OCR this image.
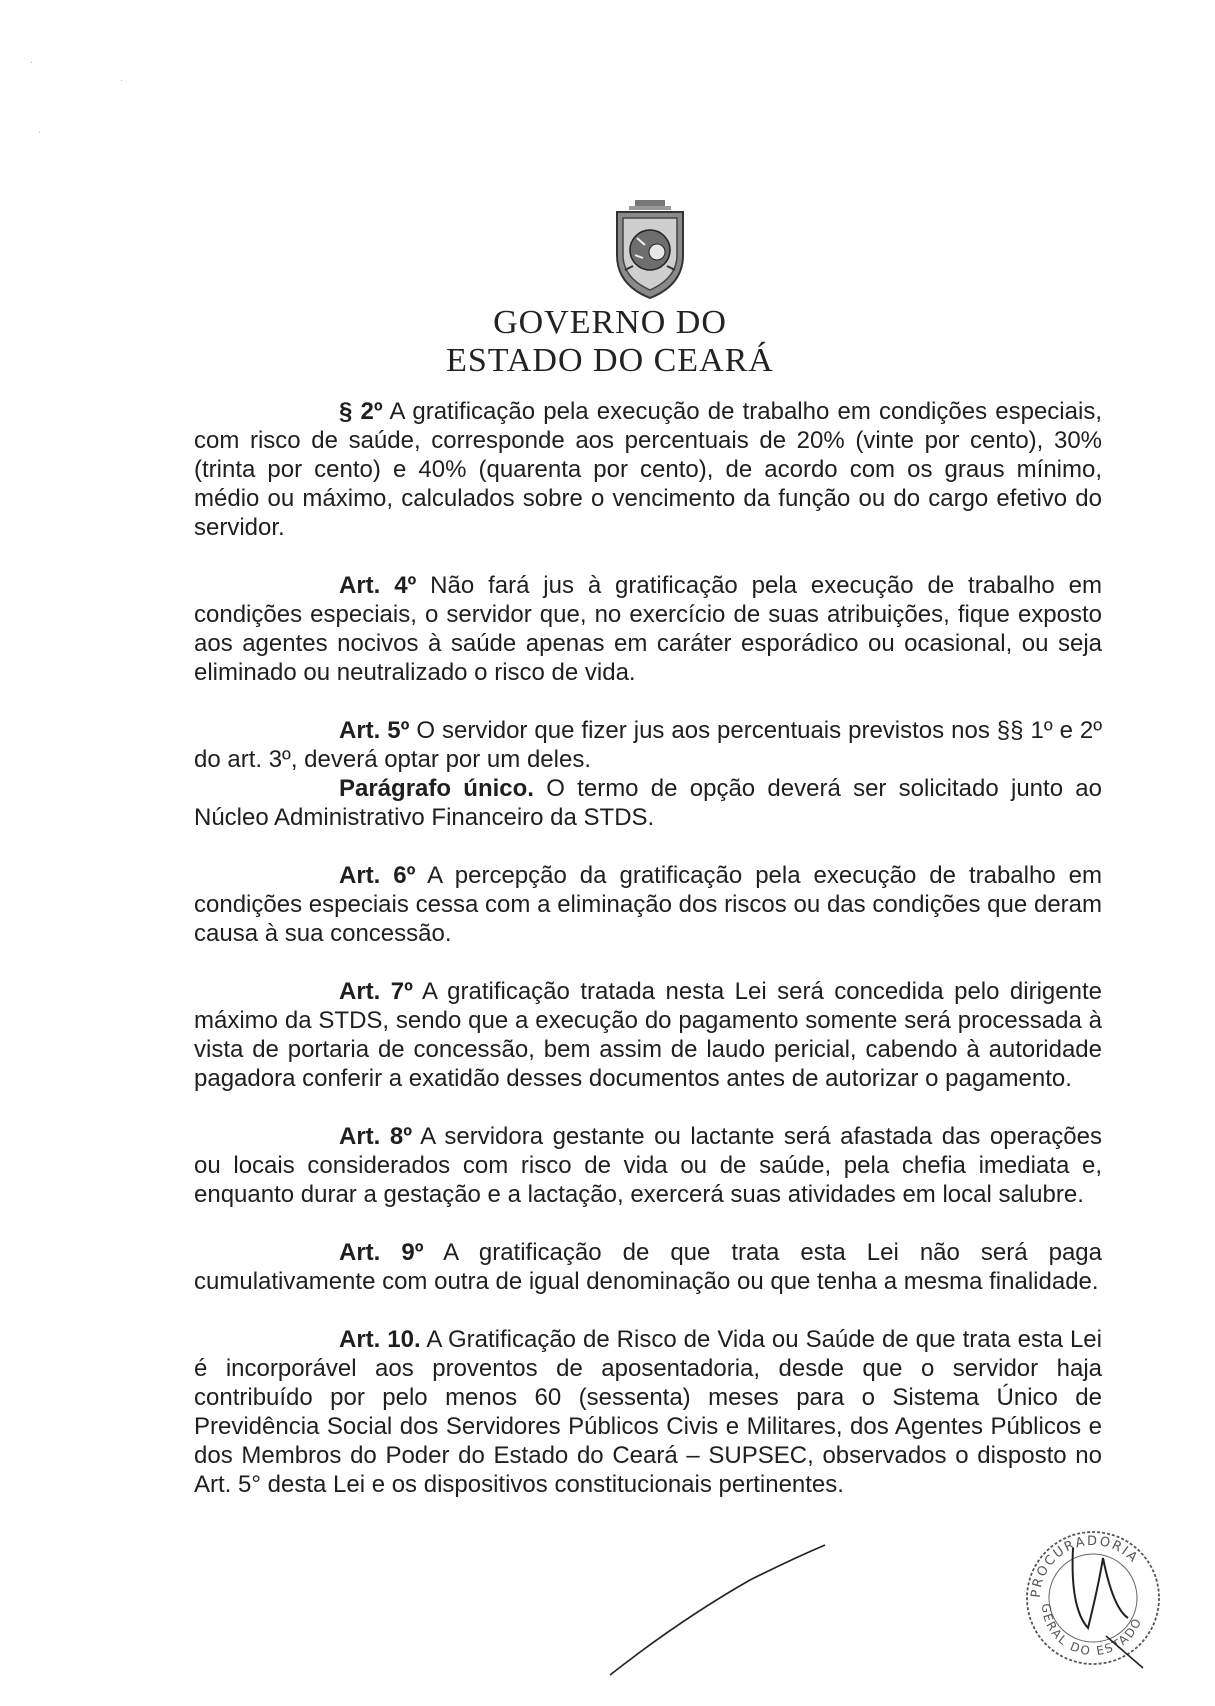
·
·
·
GOVERNO DO
ESTADO DO CEARÁ

§ 2º A gratificação pela execução de trabalho em condições especiais, com risco de saúde, corresponde aos percentuais de 20% (vinte por cento), 30% (trinta por cento) e 40% (quarenta por cento), de acordo com os graus mínimo, médio ou máximo, calculados sobre o vencimento da função ou do cargo efetivo do servidor.

Art. 4º Não fará jus à gratificação pela execução de trabalho em condições especiais, o servidor que, no exercício de suas atribuições, fique exposto aos agentes nocivos à saúde apenas em caráter esporádico ou ocasional, ou seja eliminado ou neutralizado o risco de vida.

Art. 5º O servidor que fizer jus aos percentuais previstos nos §§ 1º e 2º do art. 3º, deverá optar por um deles.

Parágrafo único. O termo de opção deverá ser solicitado junto ao Núcleo Administrativo Financeiro da STDS.

Art. 6º A percepção da gratificação pela execução de trabalho em condições especiais cessa com a eliminação dos riscos ou das condições que deram causa à sua concessão.

Art. 7º A gratificação tratada nesta Lei será concedida pelo dirigente máximo da STDS, sendo que a execução do pagamento somente será processada à vista de portaria de concessão, bem assim de laudo pericial, cabendo à autoridade pagadora conferir a exatidão desses documentos antes de autorizar o pagamento.

Art. 8º A servidora gestante ou lactante será afastada das operações ou locais considerados com risco de vida ou de saúde, pela chefia imediata e, enquanto durar a gestação e a lactação, exercerá suas atividades em local salubre.

Art. 9º A gratificação de que trata esta Lei não será paga cumulativamente com outra de igual denominação ou que tenha a mesma finalidade.

Art. 10. A Gratificação de Risco de Vida ou Saúde de que trata esta Lei é incorporável aos proventos de aposentadoria, desde que o servidor haja contribuído por pelo menos 60 (sessenta) meses para o Sistema Único de Previdência Social dos Servidores Públicos Civis e Militares, dos Agentes Públicos e dos Membros do Poder do Estado do Ceará – SUPSEC, observados o disposto no Art. 5° desta Lei e os dispositivos constitucionais pertinentes.

PROCURADORIA
GERAL DO ESTADO
